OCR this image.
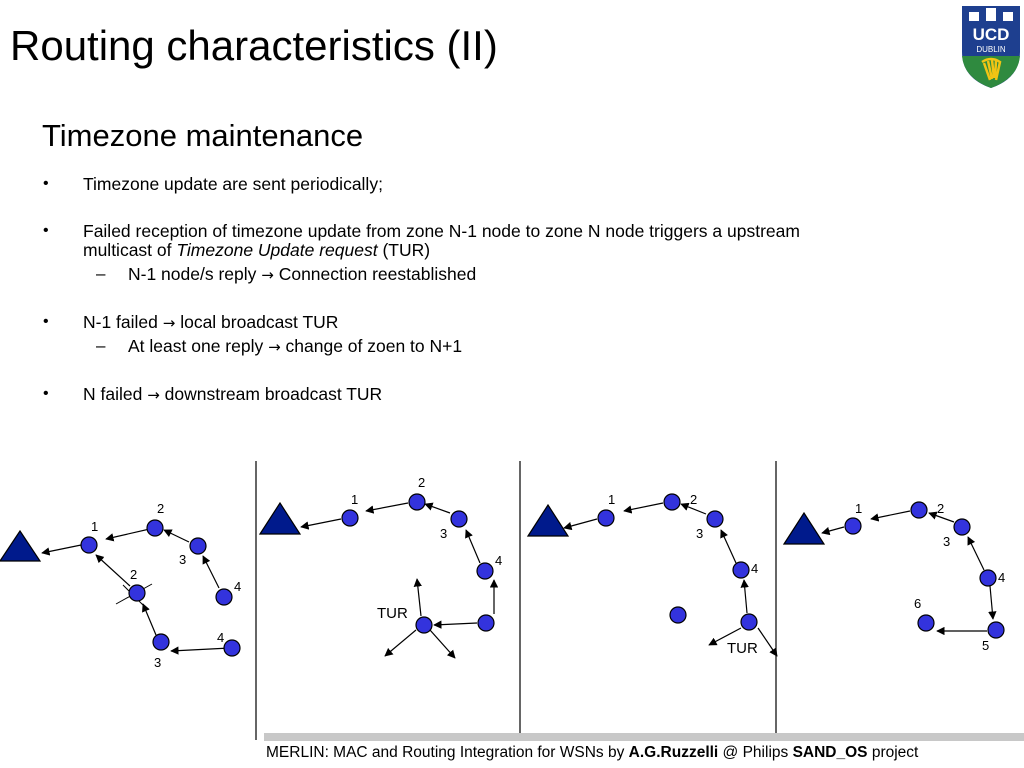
Routing characteristics (II)	UCD
DUBLIN
Timezone maintenance
• Timezone update are sent periodically;
• Failed reception of timezone update from zone N-1 node to zone N node triggers a upstream
multicast of Timezone Update request (TUR)
– N-1 node/s reply → Connection reestablished
• N-1 failed → local broadcast TUR
– At least one reply → change of zoen to N+1
• N failed → downstream broadcast TUR
1
2
3
4
2
3
4
1
2
3
4
TUR
1	2
3
4
TUR
1	2
3
4
5
6
MERLIN: MAC and Routing Integration for WSNs by A.G.Ruzzelli @ Philips SAND_OS project
